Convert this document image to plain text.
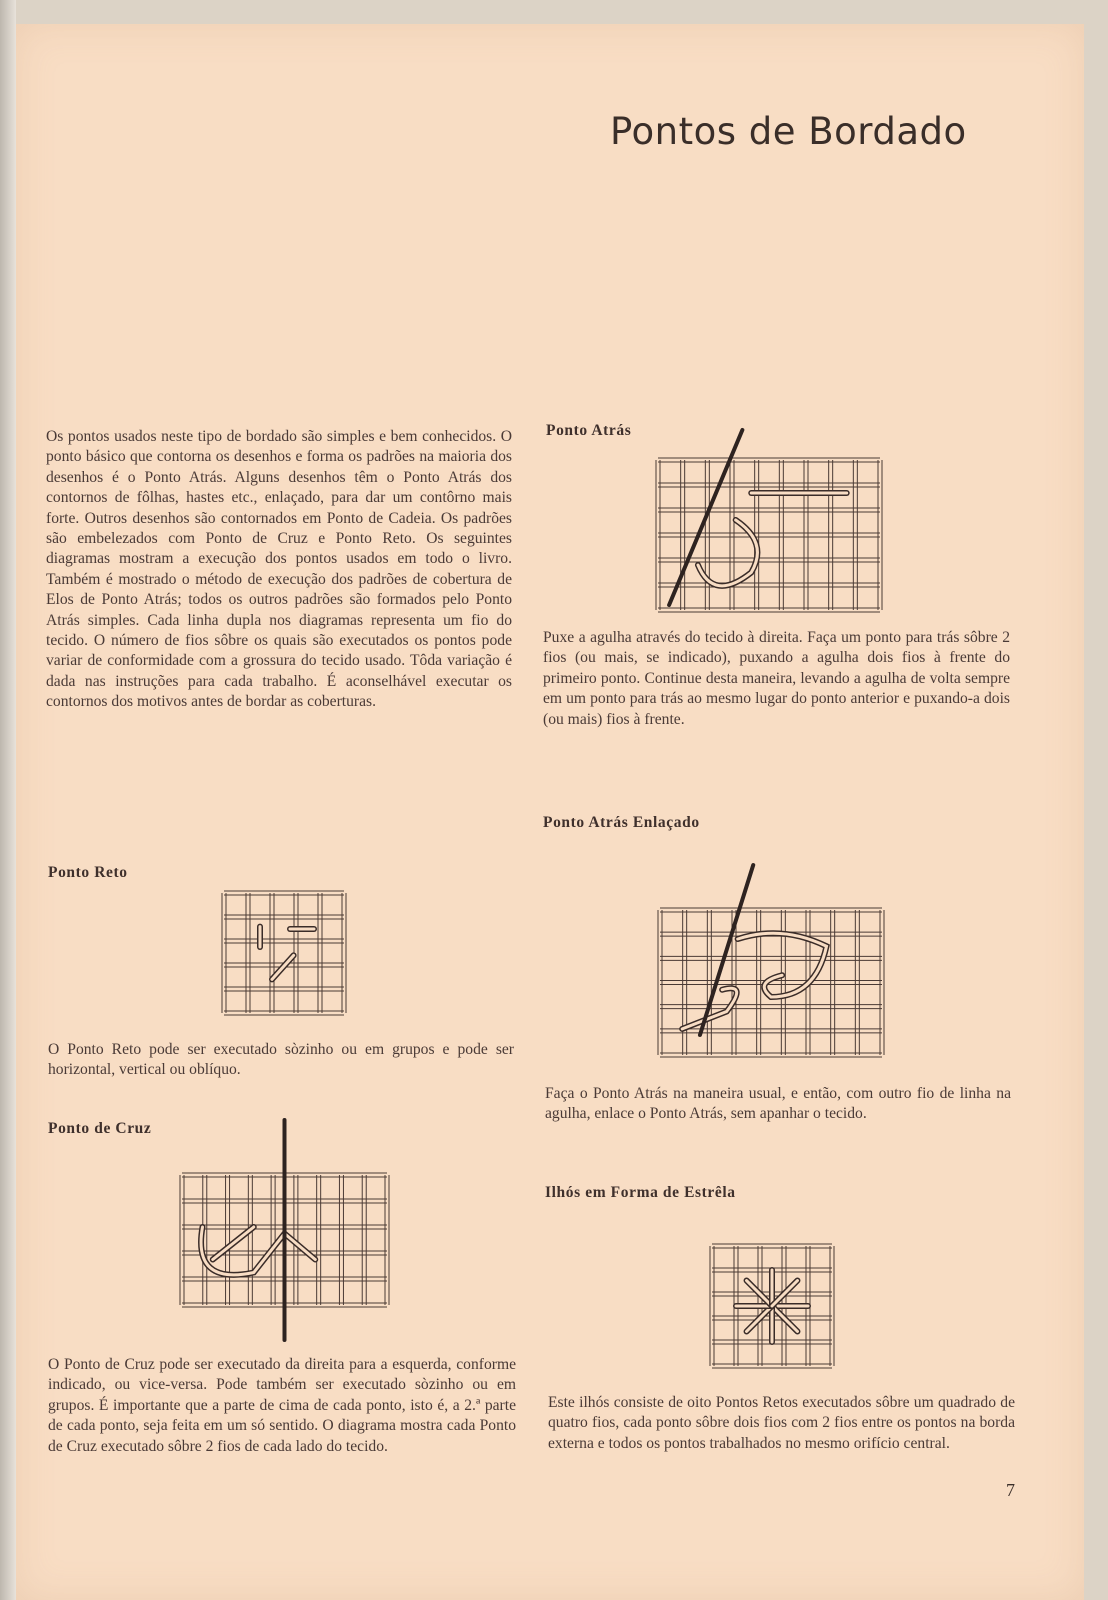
Pontos de Bordado

Os pontos usados neste tipo de bordado são simples e bem conhecidos. O ponto básico que contorna os desenhos e forma os padrões na maioria dos desenhos é o Ponto Atrás. Alguns desenhos têm o Ponto Atrás dos contornos de fôlhas, hastes etc., enlaçado, para dar um contôrno mais forte. Outros desenhos são contornados em Ponto de Cadeia. Os padrões são embelezados com Ponto de Cruz e Ponto Reto. Os seguintes diagramas mostram a execução dos pontos usados em todo o livro. Também é mostrado o método de execução dos padrões de cobertura de Elos de Ponto Atrás; todos os outros padrões são formados pelo Ponto Atrás simples. Cada linha dupla nos diagramas representa um fio do tecido. O número de fios sôbre os quais são executados os pontos pode variar de conformidade com a grossura do tecido usado. Tôda variação é dada nas instruções para cada trabalho. É aconselhável executar os contornos dos motivos antes de bordar as coberturas.

Ponto Reto

O Ponto Reto pode ser executado sòzinho ou em grupos e pode ser horizontal, vertical ou oblíquo.

Ponto de Cruz

O Ponto de Cruz pode ser executado da direita para a esquerda, conforme indicado, ou vice-versa. Pode também ser executado sòzinho ou em grupos. É importante que a parte de cima de cada ponto, isto é, a 2.ª parte de cada ponto, seja feita em um só sentido. O diagrama mostra cada Ponto de Cruz executado sôbre 2 fios de cada lado do tecido.

Ponto Atrás

Puxe a agulha através do tecido à direita. Faça um ponto para trás sôbre 2 fios (ou mais, se indicado), puxando a agulha dois fios à frente do primeiro ponto. Continue desta maneira, levando a agulha de volta sempre em um ponto para trás ao mesmo lugar do ponto anterior e puxando-a dois (ou mais) fios à frente.

Ponto Atrás Enlaçado

Faça o Ponto Atrás na maneira usual, e então, com outro fio de linha na agulha, enlace o Ponto Atrás, sem apanhar o tecido.

Ilhós em Forma de Estrêla

Este ilhós consiste de oito Pontos Retos executados sôbre um quadrado de quatro fios, cada ponto sôbre dois fios com 2 fios entre os pontos na borda externa e todos os pontos trabalhados no mesmo orifício central.

7
